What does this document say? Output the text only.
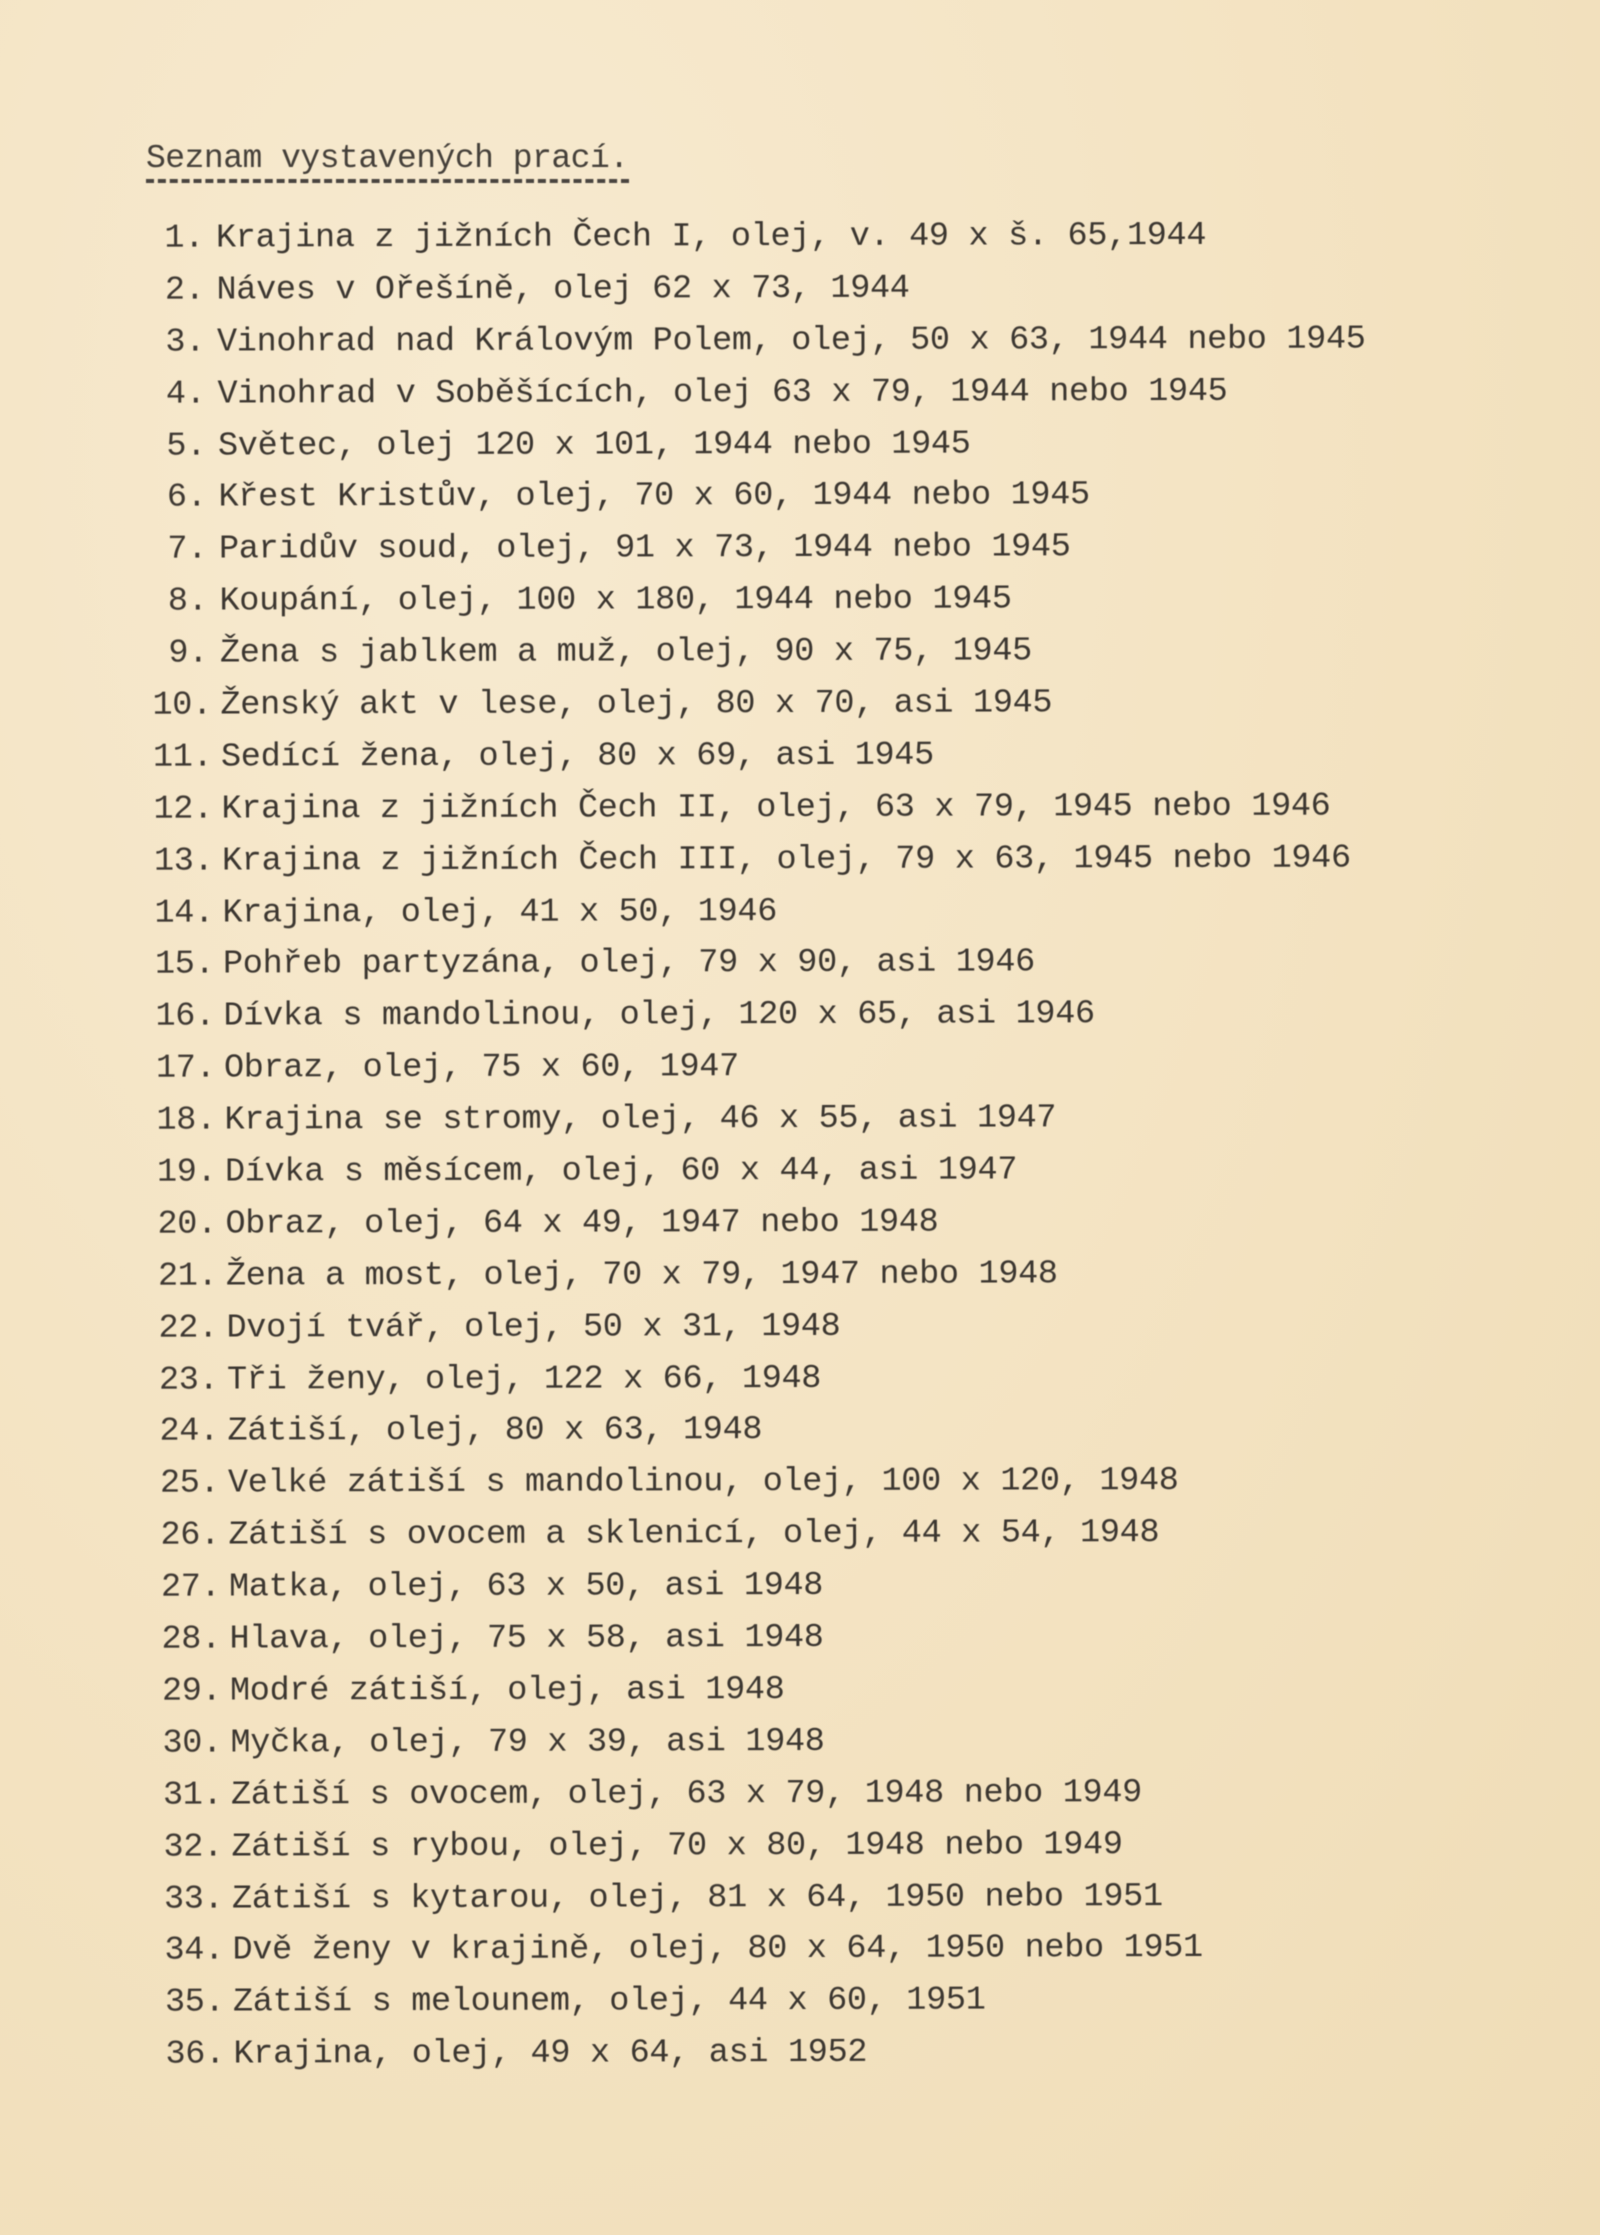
Seznam vystavených prací.
1. Krajina z jižních Čech I, olej, v. 49 x š. 65,1944
2. Náves v Ořešíně, olej 62 x 73, 1944
3. Vinohrad nad Královým Polem, olej, 50 x 63, 1944 nebo 1945
4. Vinohrad v Soběšících, olej 63 x 79, 1944 nebo 1945
5. Světec, olej 120 x 101, 1944 nebo 1945
6. Křest Kristův, olej, 70 x 60, 1944 nebo 1945
7. Paridův soud, olej, 91 x 73, 1944 nebo 1945
8. Koupání, olej, 100 x 180, 1944 nebo 1945
9. Žena s jablkem a muž, olej, 90 x 75, 1945
10. Ženský akt v lese, olej, 80 x 70, asi 1945
11. Sedící žena, olej, 80 x 69, asi 1945
12. Krajina z jižních Čech II, olej, 63 x 79, 1945 nebo 1946
13. Krajina z jižních Čech III, olej, 79 x 63, 1945 nebo 1946
14. Krajina, olej, 41 x 50, 1946
15. Pohřeb partyzána, olej, 79 x 90, asi 1946
16. Dívka s mandolinou, olej, 120 x 65, asi 1946
17. Obraz, olej, 75 x 60, 1947
18. Krajina se stromy, olej, 46 x 55, asi 1947
19. Dívka s měsícem, olej, 60 x 44, asi 1947
20. Obraz, olej, 64 x 49, 1947 nebo 1948
21. Žena a most, olej, 70 x 79, 1947 nebo 1948
22. Dvojí tvář, olej, 50 x 31, 1948
23. Tři ženy, olej, 122 x 66, 1948
24. Zátiší, olej, 80 x 63, 1948
25. Velké zátiší s mandolinou, olej, 100 x 120, 1948
26. Zátiší s ovocem a sklenicí, olej, 44 x 54, 1948
27. Matka, olej, 63 x 50, asi 1948
28. Hlava, olej, 75 x 58, asi 1948
29. Modré zátiší, olej, asi 1948
30. Myčka, olej, 79 x 39, asi 1948
31. Zátiší s ovocem, olej, 63 x 79, 1948 nebo 1949
32. Zátiší s rybou, olej, 70 x 80, 1948 nebo 1949
33. Zátiší s kytarou, olej, 81 x 64, 1950 nebo 1951
34. Dvě ženy v krajině, olej, 80 x 64, 1950 nebo 1951
35. Zátiší s melounem, olej, 44 x 60, 1951
36. Krajina, olej, 49 x 64, asi 1952
